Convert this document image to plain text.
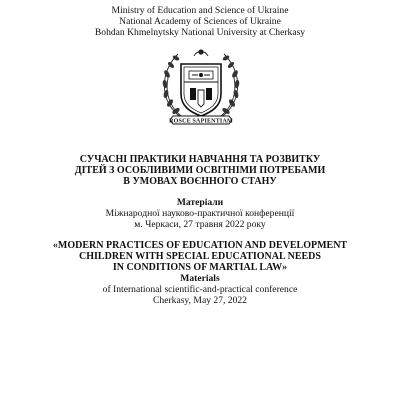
Ministry of Education and Science of Ukraine
National Academy of Sciences of Ukraine
Bohdan Khmelnytsky National University at Cherkasy
ROSCE SAPIENTIAM
СУЧАСНІ ПРАКТИКИ НАВЧАННЯ ТА РОЗВИТКУ
ДІТЕЙ З ОСОБЛИВИМИ ОСВІТНІМИ ПОТРЕБАМИ
В УМОВАХ ВОЄННОГО СТАНУ
Матеріали
Міжнародної науково-практичної конференції
м. Черкаси, 27 травня 2022 року
«MODERN PRACTICES OF EDUCATION AND DEVELOPMENT
CHILDREN WITH SPECIAL EDUCATIONAL NEEDS
IN CONDITIONS OF MARTIAL LAW»
Materials
of International scientific-and-practical conference
Cherkasy, May 27, 2022
